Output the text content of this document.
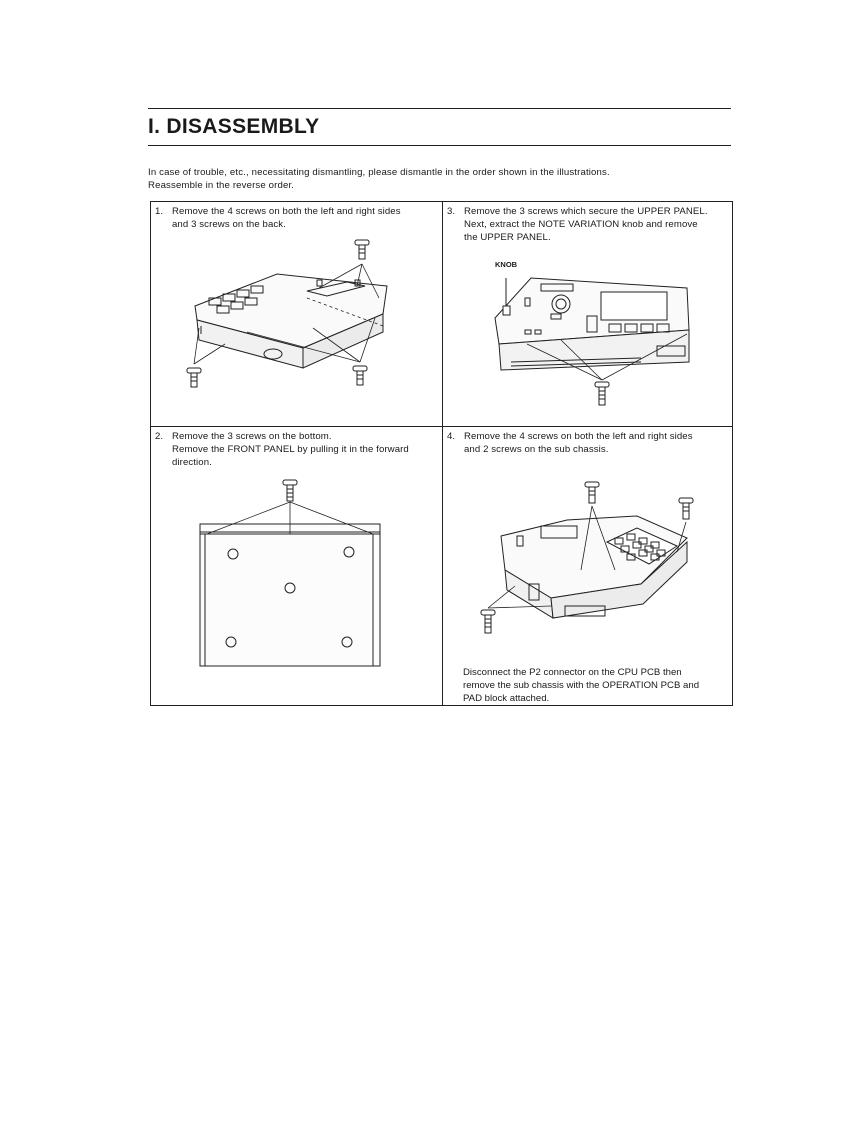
I. DISASSEMBLY
In case of trouble, etc., necessitating dismantling, please dismantle in the order shown in the illustrations.
Reassemble in the reverse order.
1. Remove the 4 screws on both the left and right sides
and 3 screws on the back.
3. Remove the 3 screws which secure the UPPER PANEL.
Next, extract the NOTE VARIATION knob and remove
the UPPER PANEL.
2. Remove the 3 screws on the bottom.
Remove the FRONT PANEL by pulling it in the forward
direction.
4. Remove the 4 screws on both the left and right sides
and 2 screws on the sub chassis.
KNOB
Disconnect the P2 connector on the CPU PCB then
remove the sub chassis with the OPERATION PCB and
PAD block attached.
